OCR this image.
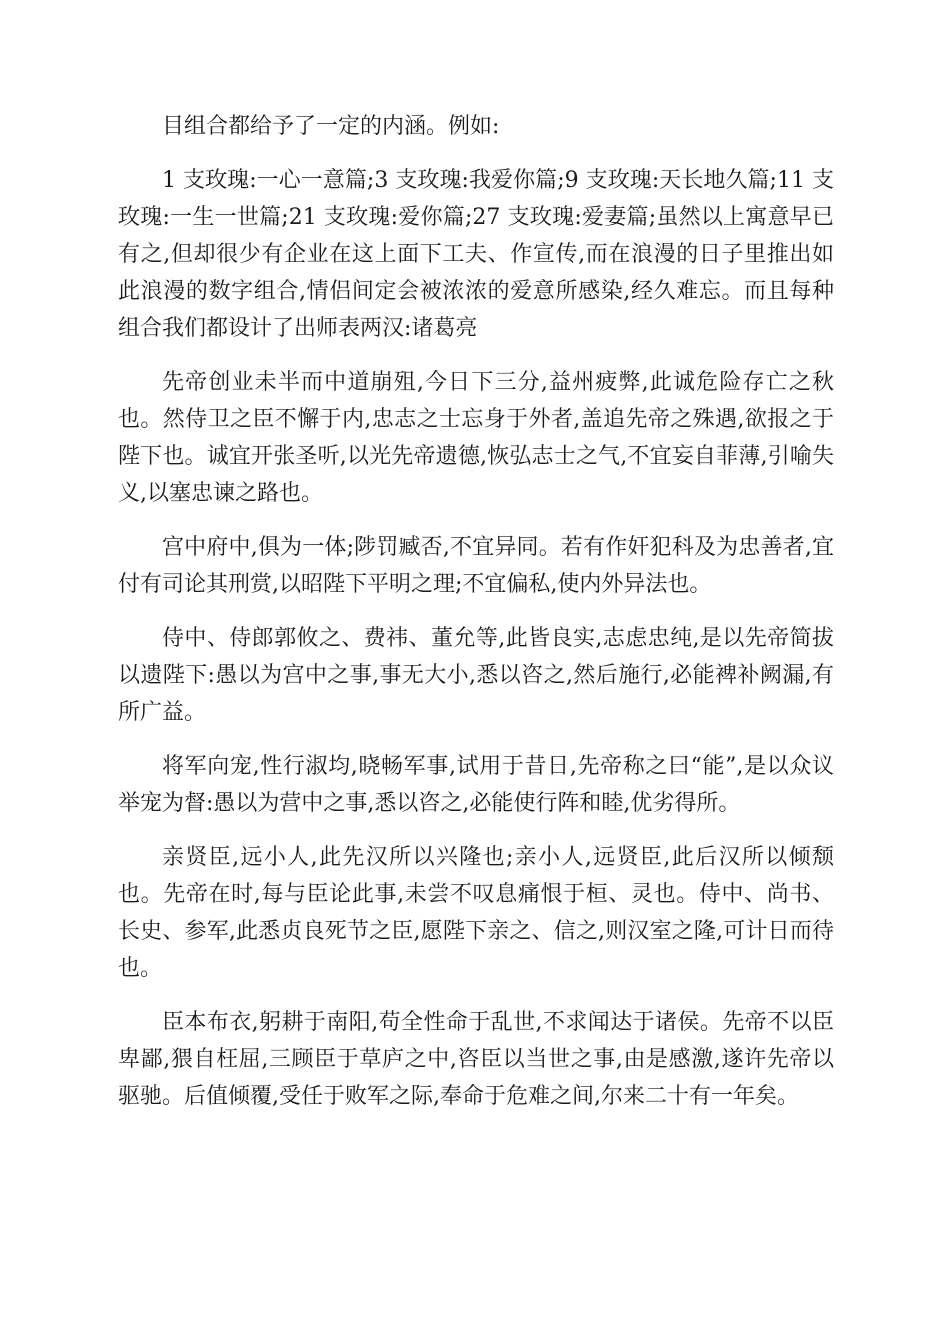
目组合都给予了一定的内涵。例如:

1 支玫瑰:一心一意篇;3 支玫瑰:我爱你篇;9 支玫瑰:天长地久篇;11 支玫瑰:一生一世篇;21 支玫瑰:爱你篇;27 支玫瑰:爱妻篇;虽然以上寓意早已有之,但却很少有企业在这上面下工夫、作宣传,而在浪漫的日子里推出如此浪漫的数字组合,情侣间定会被浓浓的爱意所感染,经久难忘。而且每种组合我们都设计了出师表两汉:诸葛亮

先帝创业未半而中道崩殂,今日下三分,益州疲弊,此诚危险存亡之秋也。然侍卫之臣不懈于内,忠志之士忘身于外者,盖追先帝之殊遇,欲报之于陛下也。诚宜开张圣听,以光先帝遗德,恢弘志士之气,不宜妄自菲薄,引喻失义,以塞忠谏之路也。

宫中府中,俱为一体;陟罚臧否,不宜异同。若有作奸犯科及为忠善者,宜付有司论其刑赏,以昭陛下平明之理;不宜偏私,使内外异法也。

侍中、侍郎郭攸之、费祎、董允等,此皆良实,志虑忠纯,是以先帝简拔以遗陛下:愚以为宫中之事,事无大小,悉以咨之,然后施行,必能裨补阙漏,有所广益。

将军向宠,性行淑均,晓畅军事,试用于昔日,先帝称之曰“能”,是以众议举宠为督:愚以为营中之事,悉以咨之,必能使行阵和睦,优劣得所。

亲贤臣,远小人,此先汉所以兴隆也;亲小人,远贤臣,此后汉所以倾颓也。先帝在时,每与臣论此事,未尝不叹息痛恨于桓、灵也。侍中、尚书、长史、参军,此悉贞良死节之臣,愿陛下亲之、信之,则汉室之隆,可计日而待也。

臣本布衣,躬耕于南阳,苟全性命于乱世,不求闻达于诸侯。先帝不以臣卑鄙,猥自枉屈,三顾臣于草庐之中,咨臣以当世之事,由是感激,遂许先帝以驱驰。后值倾覆,受任于败军之际,奉命于危难之间,尔来二十有一年矣。
